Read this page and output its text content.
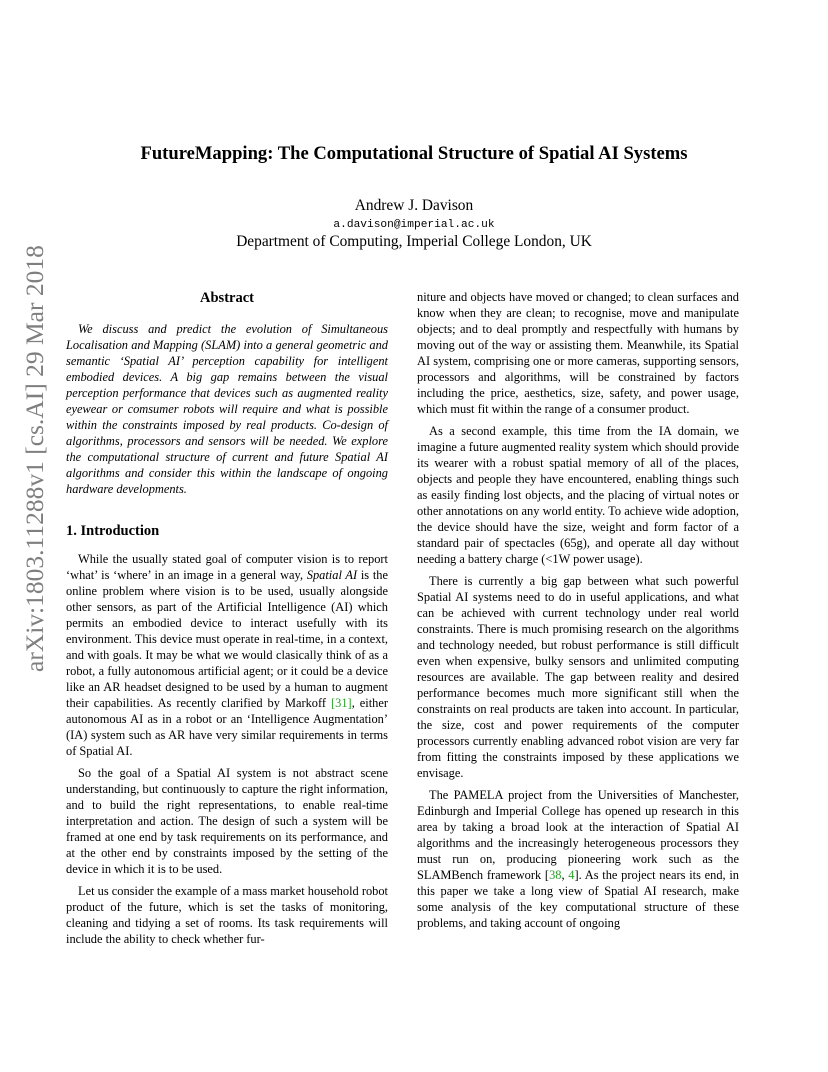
FutureMapping: The Computational Structure of Spatial AI Systems
Andrew J. Davison
a.davison@imperial.ac.uk
Department of Computing, Imperial College London, UK
arXiv:1803.11288v1 [cs.AI] 29 Mar 2018	Abstract

We discuss and predict the evolution of Simultaneous Localisation and Mapping (SLAM) into a general geometric and semantic ‘Spatial AI’ perception capability for intelligent embodied devices. A big gap remains between the visual perception performance that devices such as augmented reality eyewear or comsumer robots will require and what is possible within the constraints imposed by real products. Co-design of algorithms, processors and sensors will be needed. We explore the computational structure of current and future Spatial AI algorithms and consider this within the landscape of ongoing hardware developments.

1. Introduction

While the usually stated goal of computer vision is to report ‘what’ is ‘where’ in an image in a general way, Spatial AI is the online problem where vision is to be used, usually alongside other sensors, as part of the Artificial Intelligence (AI) which permits an embodied device to interact usefully with its environment. This device must operate in real-time, in a context, and with goals. It may be what we would clasically think of as a robot, a fully autonomous artificial agent; or it could be a device like an AR headset designed to be used by a human to augment their capabilities. As recently clarified by Markoff [31], either autonomous AI as in a robot or an ‘Intelligence Augmentation’ (IA) system such as AR have very similar requirements in terms of Spatial AI.

So the goal of a Spatial AI system is not abstract scene understanding, but continuously to capture the right information, and to build the right representations, to enable real-time interpretation and action. The design of such a system will be framed at one end by task requirements on its performance, and at the other end by constraints imposed by the setting of the device in which it is to be used.

Let us consider the example of a mass market household robot product of the future, which is set the tasks of monitoring, cleaning and tidying a set of rooms. Its task requirements will include the ability to check whether fur-

niture and objects have moved or changed; to clean surfaces and know when they are clean; to recognise, move and manipulate objects; and to deal promptly and respectfully with humans by moving out of the way or assisting them. Meanwhile, its Spatial AI system, comprising one or more cameras, supporting sensors, processors and algorithms, will be constrained by factors including the price, aesthetics, size, safety, and power usage, which must fit within the range of a consumer product.

As a second example, this time from the IA domain, we imagine a future augmented reality system which should provide its wearer with a robust spatial memory of all of the places, objects and people they have encountered, enabling things such as easily finding lost objects, and the placing of virtual notes or other annotations on any world entity. To achieve wide adoption, the device should have the size, weight and form factor of a standard pair of spectacles (65g), and operate all day without needing a battery charge (<1W power usage).

There is currently a big gap between what such powerful Spatial AI systems need to do in useful applications, and what can be achieved with current technology under real world constraints. There is much promising research on the algorithms and technology needed, but robust performance is still difficult even when expensive, bulky sensors and unlimited computing resources are available. The gap between reality and desired performance becomes much more significant still when the constraints on real products are taken into account. In particular, the size, cost and power requirements of the computer processors currently enabling advanced robot vision are very far from fitting the constraints imposed by these applications we envisage.

The PAMELA project from the Universities of Manchester, Edinburgh and Imperial College has opened up research in this area by taking a broad look at the interaction of Spatial AI algorithms and the increasingly heterogeneous processors they must run on, producing pioneering work such as the SLAMBench framework [38, 4]. As the project nears its end, in this paper we take a long view of Spatial AI research, make some analysis of the key computational structure of these problems, and taking account of ongoing
